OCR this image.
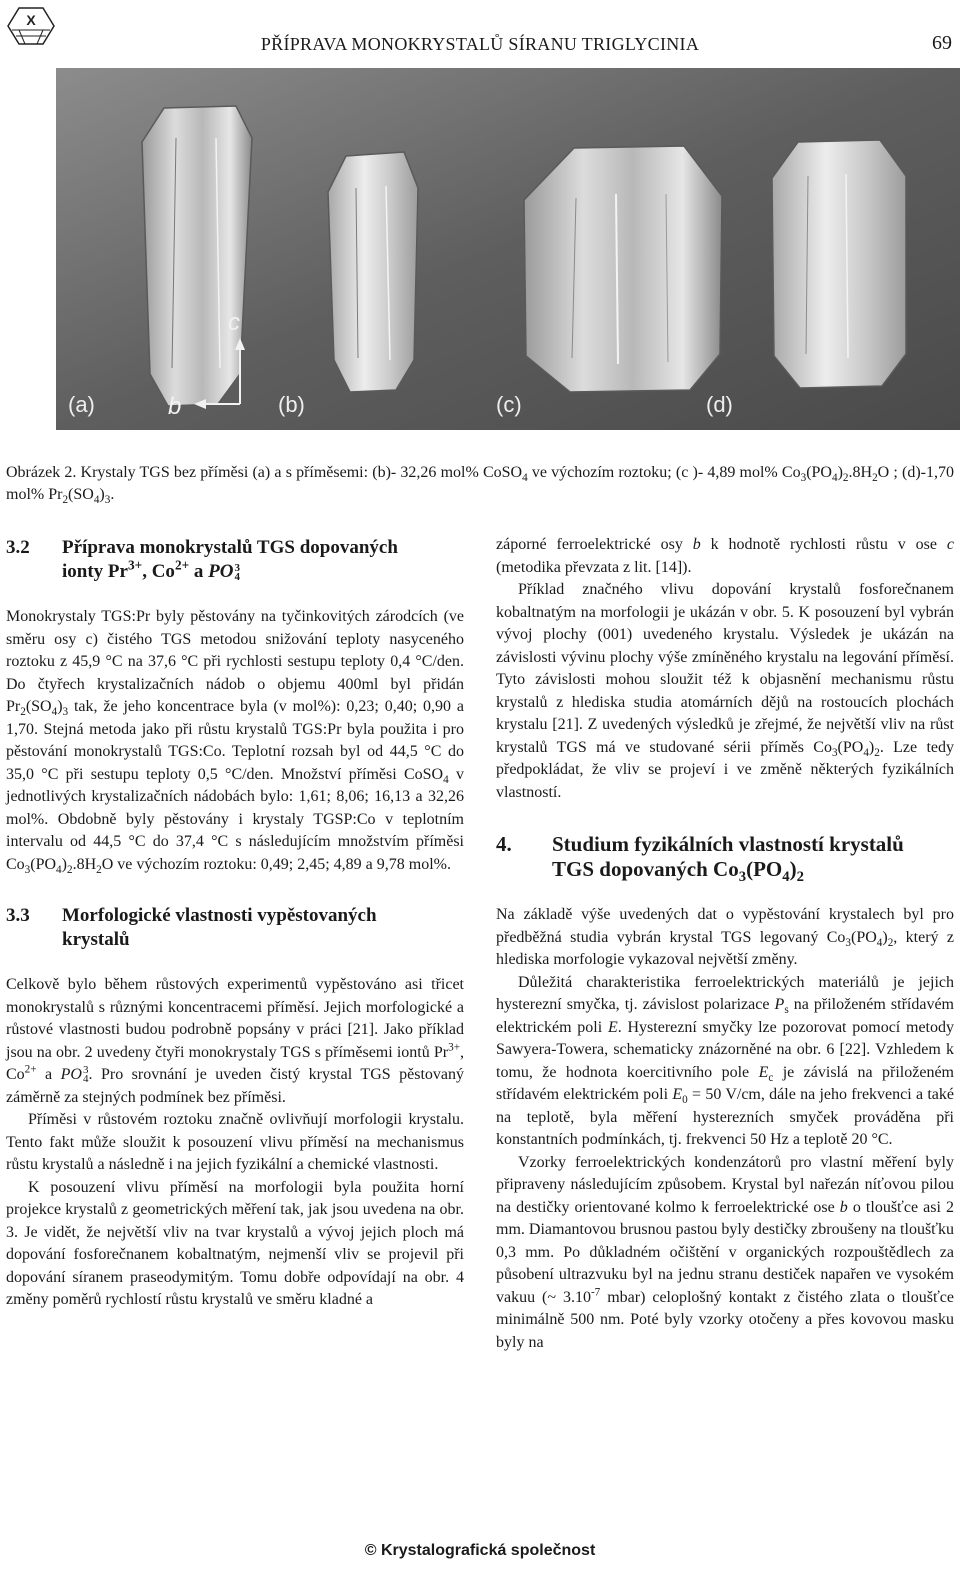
X
PŘÍPRAVA MONOKRYSTALŮ SÍRANU TRIGLYCINIA	69
c
b
(a)	(b)	(c)	(d)
Obrázek 2. Krystaly TGS bez příměsi (a) a s příměsemi: (b)- 32,26 mol% CoSO$_4$ ve výchozím roztoku; (c )- 4,89 mol% $Co_3(PO_4)_2.8H_2O$ ; (d)-1,70 mol% $Pr_2(SO_4)_3$.
3.2 Příprava monokrystalů TGS dopovaných
ionty $Pr^{3+}$, $Co^{2+}$ a PO3
4

Monokrystaly TGS:Pr byly pěstovány na tyčinkovitých zárodcích (ve směru osy c) čistého TGS metodou snižování teploty nasyceného roztoku z 45,9 °C na 37,6 °C při rychlosti sestupu teploty 0,4 °C/den. Do čtyřech krystalizačních nádob o objemu 400ml byl přidán $Pr_2(SO_4)_3$ tak, že jeho koncentrace byla (v mol%): 0,23; 0,40; 0,90 a 1,70. Stejná metoda jako při růstu krystalů TGS:Pr byla použita i pro pěstování monokrystalů TGS:Co. Teplotní rozsah byl od 44,5 °C do 35,0 °C při sestupu teploty 0,5 °C/den. Množství příměsi CoSO$_4$ v jednotlivých krystalizačních nádobách bylo: 1,61; 8,06; 16,13 a 32,26 mol%. Obdobně byly pěstovány i krystaly TGSP:Co v teplotním intervalu od 44,5 °C do 37,4 °C s následujícím množstvím příměsi $Co_3(PO_4)_2.8H_2O$ ve výchozím roztoku: 0,49; 2,45; 4,89 a 9,78 mol%.

3.3 Morfologické vlastnosti vypěstovaných
krystalů

Celkově bylo během růstových experimentů vypěstováno asi třicet monokrystalů s různými koncentracemi příměsí. Jejich morfologické a růstové vlastnosti budou podrobně popsány v práci [21]. Jako příklad jsou na obr. 2 uvedeny čtyři monokrystaly TGS s příměsemi iontů $Pr^{3+}$, $Co^{2+}$ a PO3
4. Pro srovnání je uveden čistý krystal TGS pěstovaný záměrně za stejných podmínek bez příměsi.

Příměsi v růstovém roztoku značně ovlivňují morfologii krystalu. Tento fakt může sloužit k posouzení vlivu příměsí na mechanismus růstu krystalů a následně i na jejich fyzikální a chemické vlastnosti.

K posouzení vlivu příměsí na morfologii byla použita horní projekce krystalů z geometrických měření tak, jak jsou uvedena na obr. 3. Je vidět, že největší vliv na tvar krystalů a vývoj jejich ploch má dopování fosforečnanem kobaltnatým, nejmenší vliv se projevil při dopování síranem praseodymitým. Tomu dobře odpovídají na obr. 4 změny poměrů rychlostí růstu krystalů ve směru kladné a

záporné ferroelektrické osy b k hodnotě rychlosti růstu v ose c (metodika převzata z lit. [14]).

Příklad značného vlivu dopování krystalů fosforečnanem kobaltnatým na morfologii je ukázán v obr. 5. K posouzení byl vybrán vývoj plochy (001) uvedeného krystalu. Výsledek je ukázán na závislosti vývinu plochy výše zmíněného krystalu na legování příměsí. Tyto závislosti mohou sloužit též k objasnění mechanismu růstu krystalů z hlediska studia atomárních dějů na rostoucích plochách krystalu [21]. Z uvedených výsledků je zřejmé, že největší vliv na růst krystalů TGS má ve studované sérii příměs $Co_3(PO_4)_2$. Lze tedy předpokládat, že vliv se projeví i ve změně některých fyzikálních vlastností.

4. Studium fyzikálních vlastností krystalů
TGS dopovaných $Co_3(PO_4)_2$

Na základě výše uvedených dat o vypěstování krystalech byl pro předběžná studia vybrán krystal TGS legovaný $Co_3(PO_4)_2$, který z hlediska morfologie vykazoval největší změny.

Důležitá charakteristika ferroelektrických materiálů je jejich hysterezní smyčka, tj. závislost polarizace $P_s$ na přiloženém střídavém elektrickém poli E. Hysterezní smyčky lze pozorovat pomocí metody Sawyera-Towera, schematicky znázorněné na obr. 6 [22]. Vzhledem k tomu, že hodnota koercitivního pole $E_c$ je závislá na přiloženém střídavém elektrickém poli $E_0 = 50$ V/cm, dále na jeho frekvenci a také na teplotě, byla měření hysterezních smyček prováděna při konstantních podmínkách, tj. frekvenci 50 Hz a teplotě 20 °C.

Vzorky ferroelektrických kondenzátorů pro vlastní měření byly připraveny následujícím způsobem. Krystal byl nařezán níťovou pilou na destičky orientované kolmo k ferroelektrické ose b o tloušťce asi 2 mm. Diamantovou brusnou pastou byly destičky zbroušeny na tloušťku 0,3 mm. Po důkladném očištění v organických rozpouštědlech za působení ultrazvuku byl na jednu stranu destiček napařen ve vysokém vakuu (~ $3.10^{-7}$ mbar) celoplošný kontakt z čistého zlata o tloušťce minimálně 500 nm. Poté byly vzorky otočeny a přes kovovou masku byly na

© Krystalografická společnost
